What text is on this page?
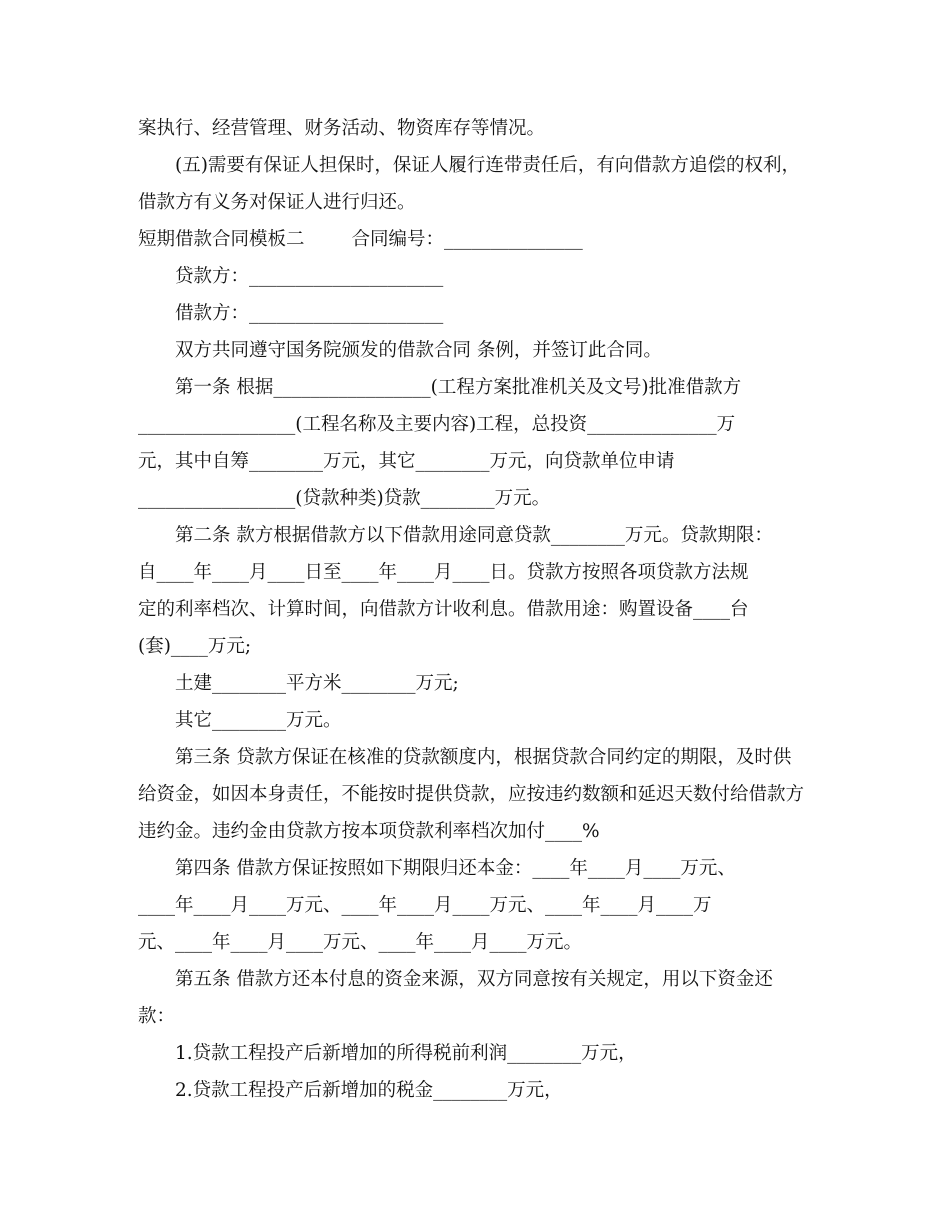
案执行、经营管理、财务活动、物资库存等情况。
(五)需要有保证人担保时，保证人履行连带责任后，有向借款方追偿的权利，
借款方有义务对保证人进行归还。
短期借款合同模板二        合同编号：_______________
贷款方：_____________________
借款方：_____________________
双方共同遵守国务院颁发的借款合同 条例，并签订此合同。
第一条 根据_________________(工程方案批准机关及文号)批准借款方
_________________(工程名称及主要内容)工程，总投资______________万
元，其中自筹________万元，其它________万元，向贷款单位申请
_________________(贷款种类)贷款________万元。
第二条 款方根据借款方以下借款用途同意贷款________万元。贷款期限：
自____年____月____日至____年____月____日。贷款方按照各项贷款方法规
定的利率档次、计算时间，向借款方计收利息。借款用途：购置设备____台
(套)____万元;
土建________平方米________万元;
其它________万元。
第三条 贷款方保证在核准的贷款额度内，根据贷款合同约定的期限，及时供
给资金，如因本身责任，不能按时提供贷款，应按违约数额和延迟天数付给借款方
违约金。违约金由贷款方按本项贷款利率档次加付____%
第四条 借款方保证按照如下期限归还本金：____年____月____万元、
____年____月____万元、____年____月____万元、____年____月____万
元、____年____月____万元、____年____月____万元。
第五条 借款方还本付息的资金来源，双方同意按有关规定，用以下资金还
款：
1.贷款工程投产后新增加的所得税前利润________万元，
2.贷款工程投产后新增加的税金________万元，
